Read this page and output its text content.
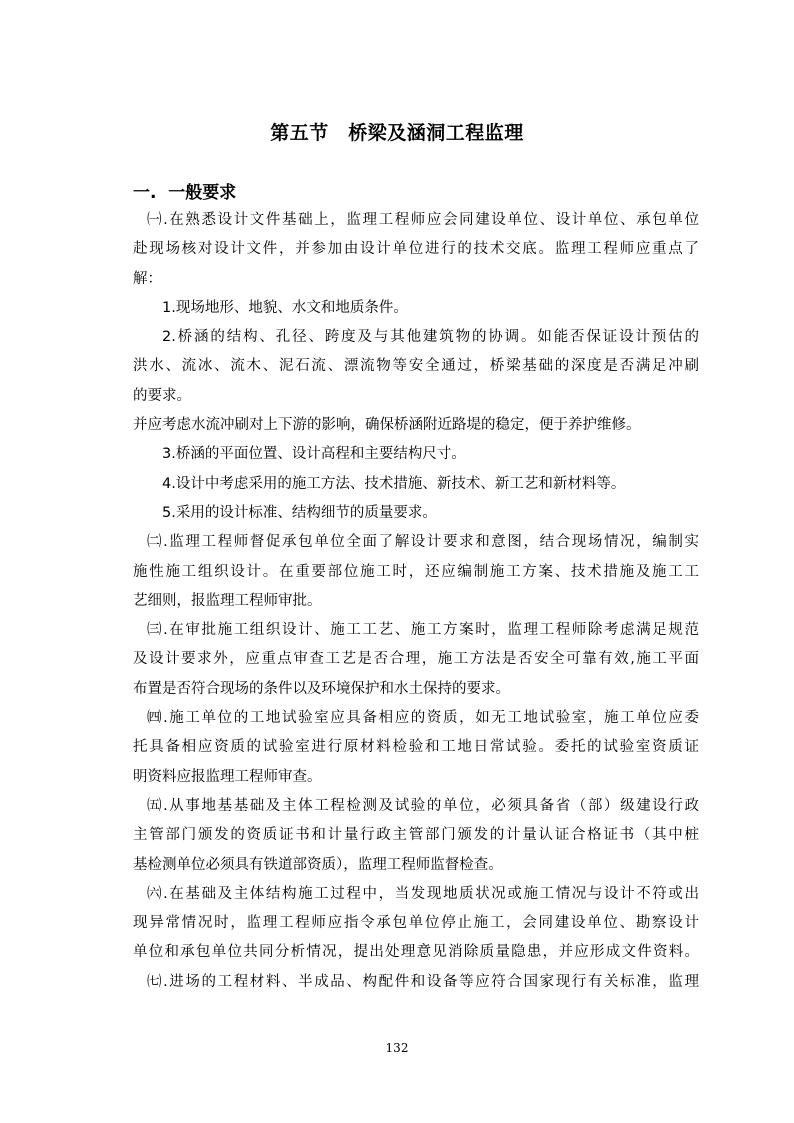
第五节　桥梁及涵洞工程监理
一.  一般要求
㈠.在熟悉设计文件基础上，监理工程师应会同建设单位、设计单位、承包单位
赴现场核对设计文件，并参加由设计单位进行的技术交底。监理工程师应重点了
解：
1.现场地形、地貌、水文和地质条件。
2.桥涵的结构、孔径、跨度及与其他建筑物的协调。如能否保证设计预估的
洪水、流冰、流木、泥石流、漂流物等安全通过，桥梁基础的深度是否满足冲刷
的要求。
并应考虑水流冲刷对上下游的影响，确保桥涵附近路堤的稳定，便于养护维修。
3.桥涵的平面位置、设计高程和主要结构尺寸。
4.设计中考虑采用的施工方法、技术措施、新技术、新工艺和新材料等。
5.采用的设计标准、结构细节的质量要求。
㈡.监理工程师督促承包单位全面了解设计要求和意图，结合现场情况，编制实
施性施工组织设计。在重要部位施工时，还应编制施工方案、技术措施及施工工
艺细则，报监理工程师审批。
㈢.在审批施工组织设计、施工工艺、施工方案时，监理工程师除考虑满足规范
及设计要求外，应重点审查工艺是否合理，施工方法是否安全可靠有效,施工平面
布置是否符合现场的条件以及环境保护和水土保持的要求。
㈣.施工单位的工地试验室应具备相应的资质，如无工地试验室，施工单位应委
托具备相应资质的试验室进行原材料检验和工地日常试验。委托的试验室资质证
明资料应报监理工程师审查。
㈤.从事地基基础及主体工程检测及试验的单位，必须具备省（部）级建设行政
主管部门颁发的资质证书和计量行政主管部门颁发的计量认证合格证书（其中桩
基检测单位必须具有铁道部资质），监理工程师监督检查。
㈥.在基础及主体结构施工过程中，当发现地质状况或施工情况与设计不符或出
现异常情况时，监理工程师应指令承包单位停止施工，会同建设单位、勘察设计
单位和承包单位共同分析情况，提出处理意见消除质量隐患，并应形成文件资料。
㈦.进场的工程材料、半成品、构配件和设备等应符合国家现行有关标准，监理
132
